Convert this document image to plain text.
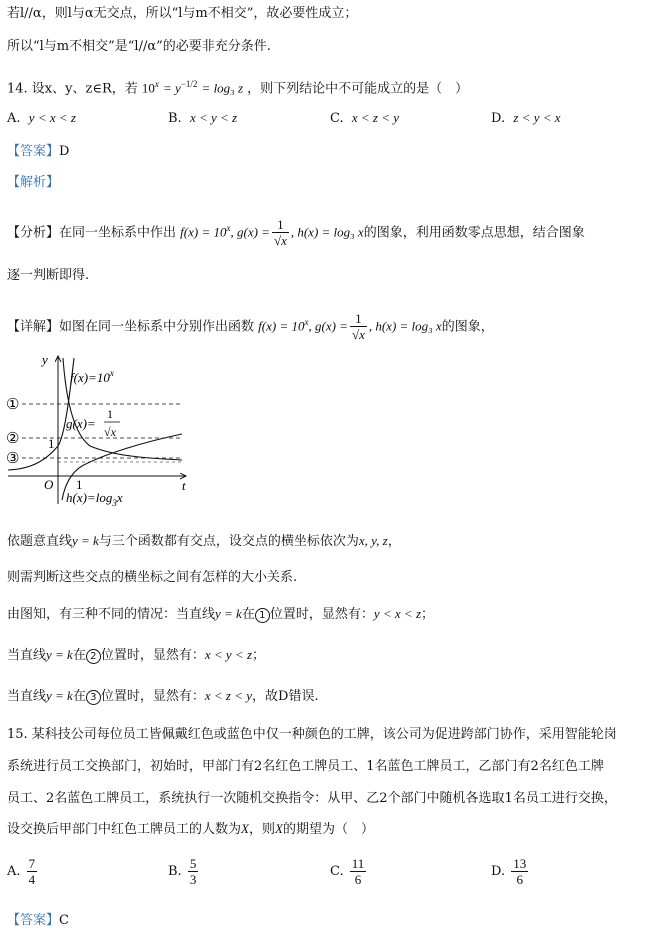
若l//α，则l与α无交点，所以“l与m不相交”，故必要性成立；
所以“l与m不相交”是“l//α”的必要非充分条件.
14. 设x、y、z∈R，若 $10^x = y^{-1/2} = \log_3$ z ，则下列结论中不可能成立的是（　）
A. y < x < z	B. x < y < z	C. x < z < y	D. z < y < x
【答案】D
【解析】
【分析】在同一坐标系中作出 $f(x) = 10^x$, $g(x) = \frac{1}{√x}$ , h(x) = log₃ x的图象，利用函数零点思想，结合图象
逐一判断即得.
【详解】如图在同一坐标系中分别作出函数 $f(x) = 10^x$, $g(x) = \frac{1}{√x}$ , h(x) = log₃ x的图象，
y
t
O 1
1
①
②
③
$f(x)=10^x$
g(x)=
1
√x
$h(x)=\log_3x$
依题意直线y = k与三个函数都有交点，设交点的横坐标依次为x, y, z，
则需判断这些交点的横坐标之间有怎样的大小关系.
由图知，有三种不同的情况：当直线y = k在 1 位置时，显然有：y < x < z；
当直线y = k在 2 位置时，显然有：x < y < z；
当直线y = k在 3 位置时，显然有：x < z < y，故D错误.
15. 某科技公司每位员工皆佩戴红色或蓝色中仅一种颜色的工牌，该公司为促进跨部门协作，采用智能轮岗
系统进行员工交换部门，初始时，甲部门有2名红色工牌员工、1名蓝色工牌员工，乙部门有2名红色工牌
员工、2名蓝色工牌员工，系统执行一次随机交换指令：从甲、乙2个部门中随机各选取1名员工进行交换，
设交换后甲部门中红色工牌员工的人数为X，则X的期望为（　）
A. $\frac{7}{4}$	B. $\frac{5}{3}$	C. $\frac{11}{6}$	D. $\frac{13}{6}$
【答案】C
